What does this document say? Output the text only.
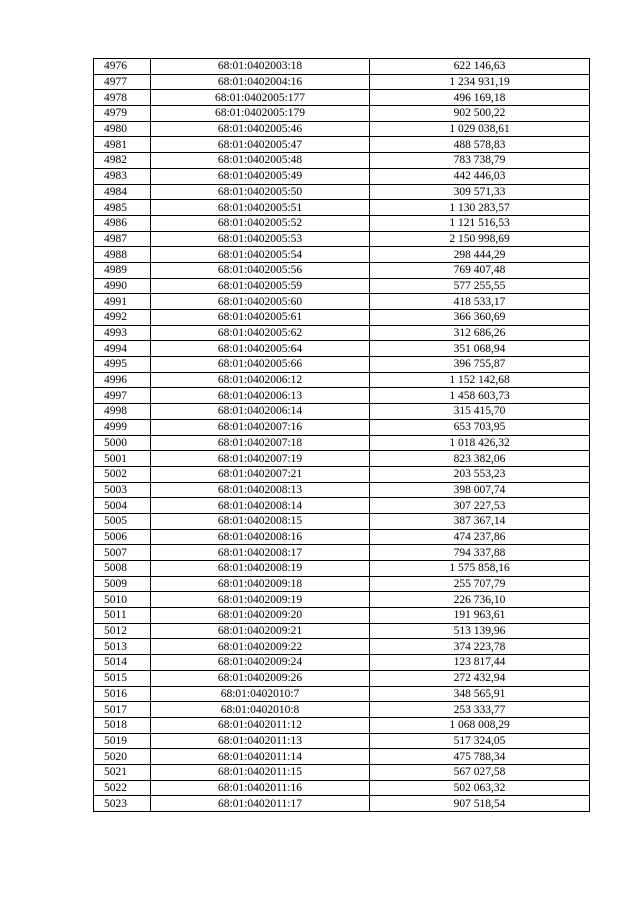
4976	68:01:0402003:18	622 146,63
4977	68:01:0402004:16	1 234 931,19
4978	68:01:0402005:177	496 169,18
4979	68:01:0402005:179	902 500,22
4980	68:01:0402005:46	1 029 038,61
4981	68:01:0402005:47	488 578,83
4982	68:01:0402005:48	783 738,79
4983	68:01:0402005:49	442 446,03
4984	68:01:0402005:50	309 571,33
4985	68:01:0402005:51	1 130 283,57
4986	68:01:0402005:52	1 121 516,53
4987	68:01:0402005:53	2 150 998,69
4988	68:01:0402005:54	298 444,29
4989	68:01:0402005:56	769 407,48
4990	68:01:0402005:59	577 255,55
4991	68:01:0402005:60	418 533,17
4992	68:01:0402005:61	366 360,69
4993	68:01:0402005:62	312 686,26
4994	68:01:0402005:64	351 068,94
4995	68:01:0402005:66	396 755,87
4996	68:01:0402006:12	1 152 142,68
4997	68:01:0402006:13	1 458 603,73
4998	68:01:0402006:14	315 415,70
4999	68:01:0402007:16	653 703,95
5000	68:01:0402007:18	1 018 426,32
5001	68:01:0402007:19	823 382,06
5002	68:01:0402007:21	203 553,23
5003	68:01:0402008:13	398 007,74
5004	68:01:0402008:14	307 227,53
5005	68:01:0402008:15	387 367,14
5006	68:01:0402008:16	474 237,86
5007	68:01:0402008:17	794 337,88
5008	68:01:0402008:19	1 575 858,16
5009	68:01:0402009:18	255 707,79
5010	68:01:0402009:19	226 736,10
5011	68:01:0402009:20	191 963,61
5012	68:01:0402009:21	513 139,96
5013	68:01:0402009:22	374 223,78
5014	68:01:0402009:24	123 817,44
5015	68:01:0402009:26	272 432,94
5016	68:01:0402010:7	348 565,91
5017	68:01:0402010:8	253 333,77
5018	68:01:0402011:12	1 068 008,29
5019	68:01:0402011:13	517 324,05
5020	68:01:0402011:14	475 788,34
5021	68:01:0402011:15	567 027,58
5022	68:01:0402011:16	502 063,32
5023	68:01:0402011:17	907 518,54
